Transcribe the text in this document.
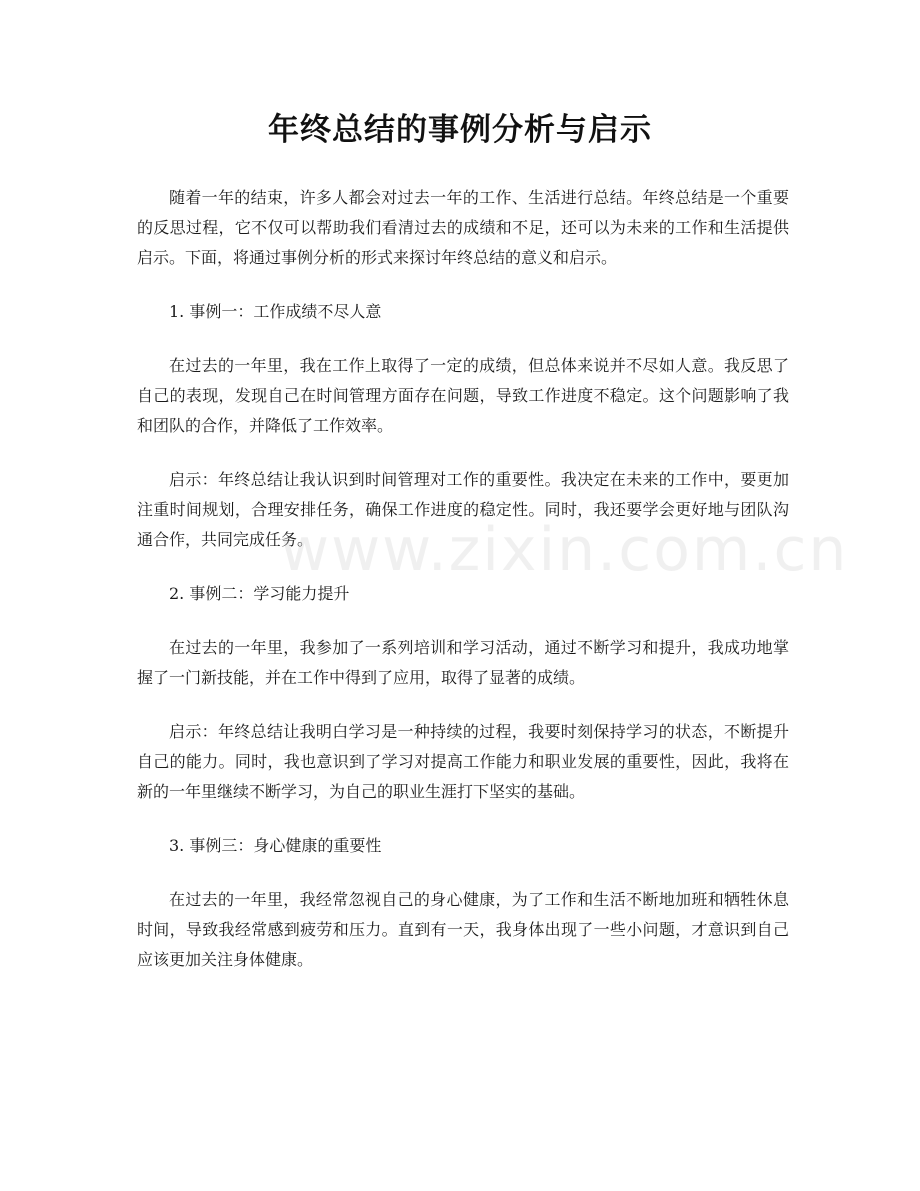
年终总结的事例分析与启示

随着一年的结束，许多人都会对过去一年的工作、生活进行总结。年终总结是一个重要的反思过程，它不仅可以帮助我们看清过去的成绩和不足，还可以为未来的工作和生活提供启示。下面，将通过事例分析的形式来探讨年终总结的意义和启示。

1. 事例一：工作成绩不尽人意

在过去的一年里，我在工作上取得了一定的成绩，但总体来说并不尽如人意。我反思了自己的表现，发现自己在时间管理方面存在问题，导致工作进度不稳定。这个问题影响了我和团队的合作，并降低了工作效率。

启示：年终总结让我认识到时间管理对工作的重要性。我决定在未来的工作中，要更加注重时间规划，合理安排任务，确保工作进度的稳定性。同时，我还要学会更好地与团队沟通合作，共同完成任务。

2. 事例二：学习能力提升

在过去的一年里，我参加了一系列培训和学习活动，通过不断学习和提升，我成功地掌握了一门新技能，并在工作中得到了应用，取得了显著的成绩。

启示：年终总结让我明白学习是一种持续的过程，我要时刻保持学习的状态，不断提升自己的能力。同时，我也意识到了学习对提高工作能力和职业发展的重要性，因此，我将在新的一年里继续不断学习，为自己的职业生涯打下坚实的基础。

3. 事例三：身心健康的重要性

在过去的一年里，我经常忽视自己的身心健康，为了工作和生活不断地加班和牺牲休息时间，导致我经常感到疲劳和压力。直到有一天，我身体出现了一些小问题，才意识到自己应该更加关注身体健康。

www.zixin.com.cn
